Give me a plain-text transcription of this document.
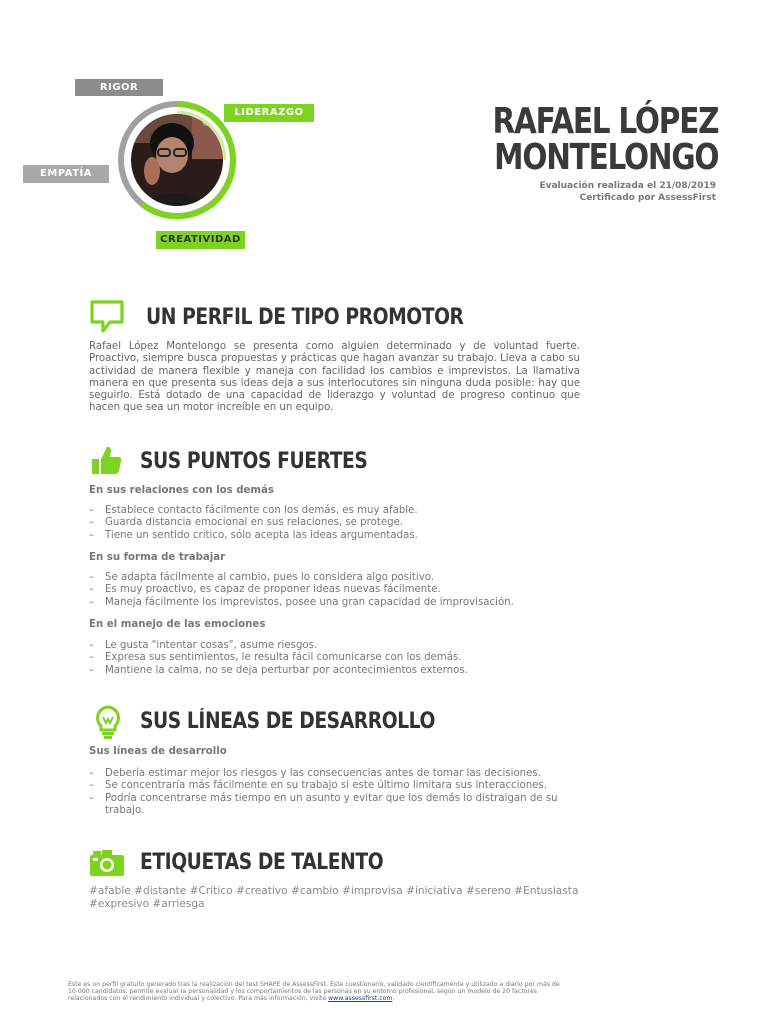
RIGOR
LIDERAZGO
EMPATÍA
CREATIVIDAD
RAFAEL LÓPEZ
MONTELONGO
Evaluación realizada el 21/08/2019
Certificado por AssessFirst
UN PERFIL DE TIPO PROMOTOR
Rafael López Montelongo se presenta como alguien determinado y de voluntad fuerte. Proactivo, siempre busca propuestas y prácticas que hagan avanzar su trabajo. Lleva a cabo su actividad de manera flexible y maneja con facilidad los cambios e imprevistos. La llamativa manera en que presenta sus ideas deja a sus interlocutores sin ninguna duda posible: hay que seguirlo. Está dotado de una capacidad de liderazgo y voluntad de progreso continuo que hacen que sea un motor increíble en un equipo.
SUS PUNTOS FUERTES
En sus relaciones con los demás
– Establece contacto fácilmente con los demás, es muy afable.
– Guarda distancia emocional en sus relaciones, se protege.
– Tiene un sentido crítico, sólo acepta las ideas argumentadas.
En su forma de trabajar
– Se adapta fácilmente al cambio, pues lo considera algo positivo.
– Es muy proactivo, es capaz de proponer ideas nuevas fácilmente.
– Maneja fácilmente los imprevistos, posee una gran capacidad de improvisación.
En el manejo de las emociones
– Le gusta "intentar cosas", asume riesgos.
– Expresa sus sentimientos, le resulta fácil comunicarse con los demás.
– Mantiene la calma, no se deja perturbar por acontecimientos externos.
SUS LÍNEAS DE DESARROLLO
Sus líneas de desarrollo
– Debería estimar mejor los riesgos y las consecuencias antes de tomar las decisiones.
– Se concentraría más fácilmente en su trabajo si este último limitara sus interacciones.
– Podría concentrarse más tiempo en un asunto y evitar que los demás lo distraigan de su trabajo.
ETIQUETAS DE TALENTO
#afable #distante #Crítico #creativo #cambio #improvisa #iniciativa #sereno #Entusiasta #expresivo #arriesga
Este es un perfil gratuito generado tras la realización del test SHAPE de AssessFirst. Este cuestionario, validado científicamente y utilizado a diario por más de 10 000 candidatos, permite evaluar la personalidad y los comportamientos de las personas en su entorno profesional, según un modelo de 20 factores relacionados con el rendimiento individual y colectivo. Para más información, visite www.assessfirst.com.
